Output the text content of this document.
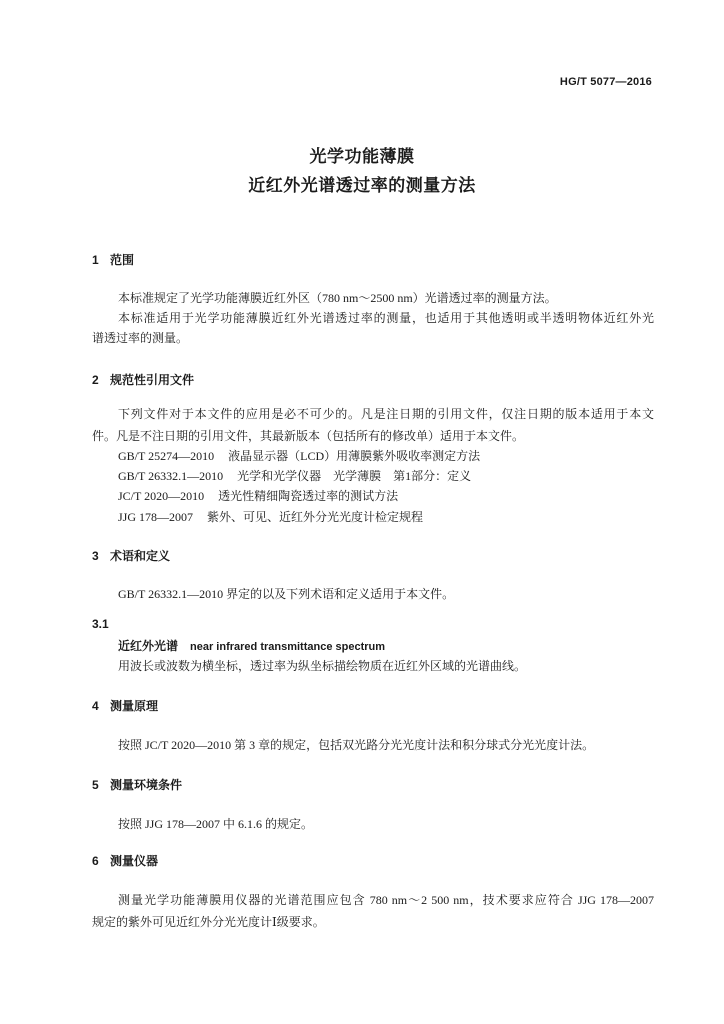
HG/T 5077—2016
光学功能薄膜
近红外光谱透过率的测量方法
1 范围
本标准规定了光学功能薄膜近红外区（780 nm～2500 nm）光谱透过率的测量方法。
本标准适用于光学功能薄膜近红外光谱透过率的测量，也适用于其他透明或半透明物体近红外光
谱透过率的测量。
2 规范性引用文件
下列文件对于本文件的应用是必不可少的。凡是注日期的引用文件，仅注日期的版本适用于本文
件。凡是不注日期的引用文件，其最新版本（包括所有的修改单）适用于本文件。
GB/T 25274—2010 液晶显示器（LCD）用薄膜紫外吸收率测定方法
GB/T 26332.1—2010 光学和光学仪器　光学薄膜　第1部分：定义
JC/T 2020—2010 透光性精细陶瓷透过率的测试方法
JJG 178—2007 紫外、可见、近红外分光光度计检定规程
3 术语和定义
GB/T 26332.1—2010 界定的以及下列术语和定义适用于本文件。
3.1
近红外光谱 near infrared transmittance spectrum
用波长或波数为横坐标，透过率为纵坐标描绘物质在近红外区域的光谱曲线。
4 测量原理
按照 JC/T 2020—2010 第 3 章的规定，包括双光路分光光度计法和积分球式分光光度计法。
5 测量环境条件
按照 JJG 178—2007 中 6.1.6 的规定。
6 测量仪器
测量光学功能薄膜用仪器的光谱范围应包含 780 nm～2 500 nm，技术要求应符合 JJG 178—2007
规定的紫外可见近红外分光光度计Ⅰ级要求。
